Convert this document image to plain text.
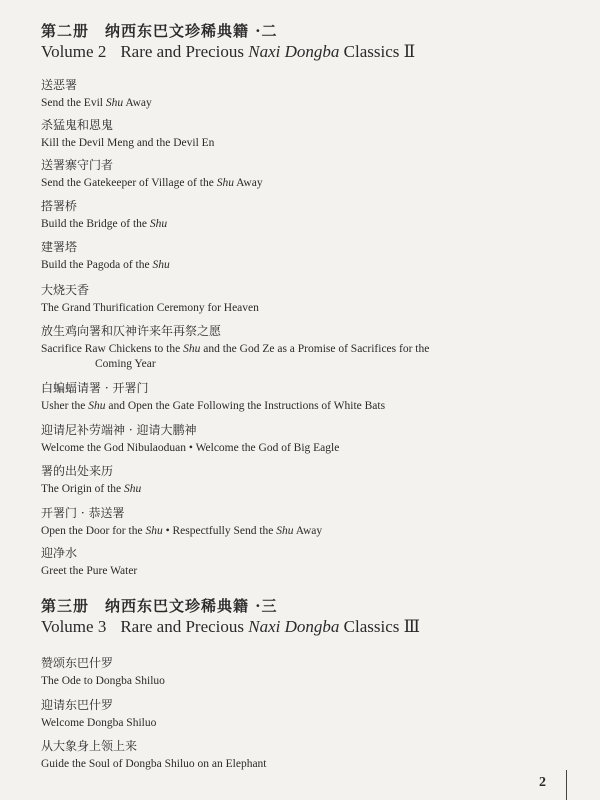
第二册　纳西东巴文珍稀典籍 ·二
Volume 2 Rare and Precious Naxi Dongba Classics Ⅱ
送恶署
Send the Evil Shu Away
杀猛鬼和恩鬼
Kill the Devil Meng and the Devil En
送署寨守门者
Send the Gatekeeper of Village of the Shu Away
搭署桥
Build the Bridge of the Shu
建署塔
Build the Pagoda of the Shu
大烧天香
The Grand Thurification Ceremony for Heaven
放生鸡向署和仄神许来年再祭之愿
Sacrifice Raw Chickens to the Shu and the God Ze as a Promise of Sacrifices for the
Coming Year
白蝙蝠请署 · 开署门
Usher the Shu and Open the Gate Following the Instructions of White Bats
迎请尼补劳端神 · 迎请大鹏神
Welcome the God Nibulaoduan • Welcome the God of Big Eagle
署的出处来历
The Origin of the Shu
开署门 · 恭送署
Open the Door for the Shu • Respectfully Send the Shu Away
迎净水
Greet the Pure Water
第三册　纳西东巴文珍稀典籍 ·三
Volume 3 Rare and Precious Naxi Dongba Classics Ⅲ
赞颂东巴什罗
The Ode to Dongba Shiluo
迎请东巴什罗
Welcome Dongba Shiluo
从大象身上领上来
Guide the Soul of Dongba Shiluo on an Elephant
2
